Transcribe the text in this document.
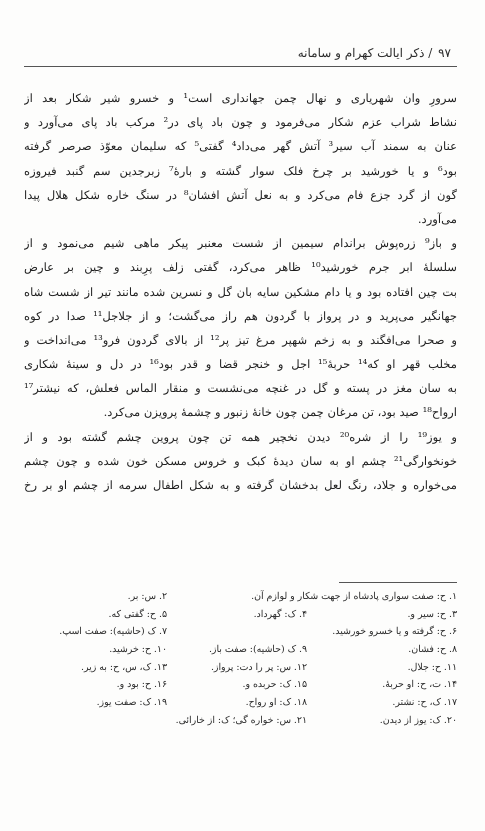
۹۷ / ذکر ایالت کهرام و سامانه
سرورِ وان شهریاری و نهال چمن جهانداری است¹ و خسرو شیر شکار بعد از
نشاط شراب عزم شکار می‌فرمود و چون باد پای در² مرکب باد پای می‌آورد و
عنان به سمند آب سیر³ آتش گهر می‌داد⁴ گفتی⁵ که سلیمان معوّذ صرصر گرفته
بود⁶ و یا خورشید بر چرخ فلک سوار گشته و بارهٔ⁷ زبرجدین سم گنبد فیروزه
گون از گرد جزع فام می‌کرد و به نعل آتش افشان⁸ در سنگ خاره شکل هلال پیدا
می‌آورد.
و باز⁹ زره‌پوش براندام سیمین از شست معنبر پیکر ماهی شیم می‌نمود و از
سلسلهٔ ابر جرم خورشید¹⁰ ظاهر می‌کرد، گفتی زلف پرِبند و چین بر عارض
بت چین افتاده بود و یا دام مشکین سایه بان گل و نسرین شده مانند تیر از شست شاه
جهانگیر می‌پرید و در پرواز با گردون هم راز می‌گشت؛ و از جلاجل¹¹ صدا در کوه
و صحرا می‌افگند و به زخم شهپر مرغ تیز پر¹² از بالای گردون فرو¹³ می‌انداخت و
مخلب قهر او که¹⁴ حربهٔ¹⁵ اجل و خنجر قضا و قدر بود¹⁶ در دل و سینهٔ شکاری
به سان مغز در پسته و گل در غنچه می‌نشست و منقار الماس فعلش، که نیشتر¹⁷
ارواح¹⁸ صید بود، تن مرغان چمن چون خانهٔ زنبور و چشمهٔ پرویزن می‌کرد.
و یوز¹⁹ را از شره²⁰ دیدن نخچیر همه تن چون پروین چشم گشته بود و از
خونخوارگی²¹ چشم او به سان دیدهٔ کبک و خروس مسکن خون شده و چون چشم
می‌خواره و جلاد، رنگ لعل بدخشان گرفته و به شکل اطفال سرمه از چشم او بر رخ
۱. ح: صفت سواری پادشاه از جهت شکار و لوازم آن.
۲. س: بر.
۳. ح: سیر و.
۴. ک: گهرداد.
۵. ح: گفتی که.
۶. ح: گرفته و یا خسرو خورشید.
۷. ک (حاشیه): صفت اسپ.
۸. ح: فشان.
۹. ک (حاشیه): صفت باز.
۱۰. ح: خرشید.
۱۱. ح: جلال.
۱۲. س: پر را دت: پرواز.
۱۳. ک، س، ح: به زیر.
۱۴. ت، ح: او حربهٔ.
۱۵. ک: حربده و.
۱۶. ح: بود و.
۱۷. ک، ح: نشتر.
۱۸. ک: او رواح.
۱۹. ک: صفت یوز.
۲۰. ک: یوز از دیدن.
۲۱. س: خواره گی؛ ک: از خارائی.
